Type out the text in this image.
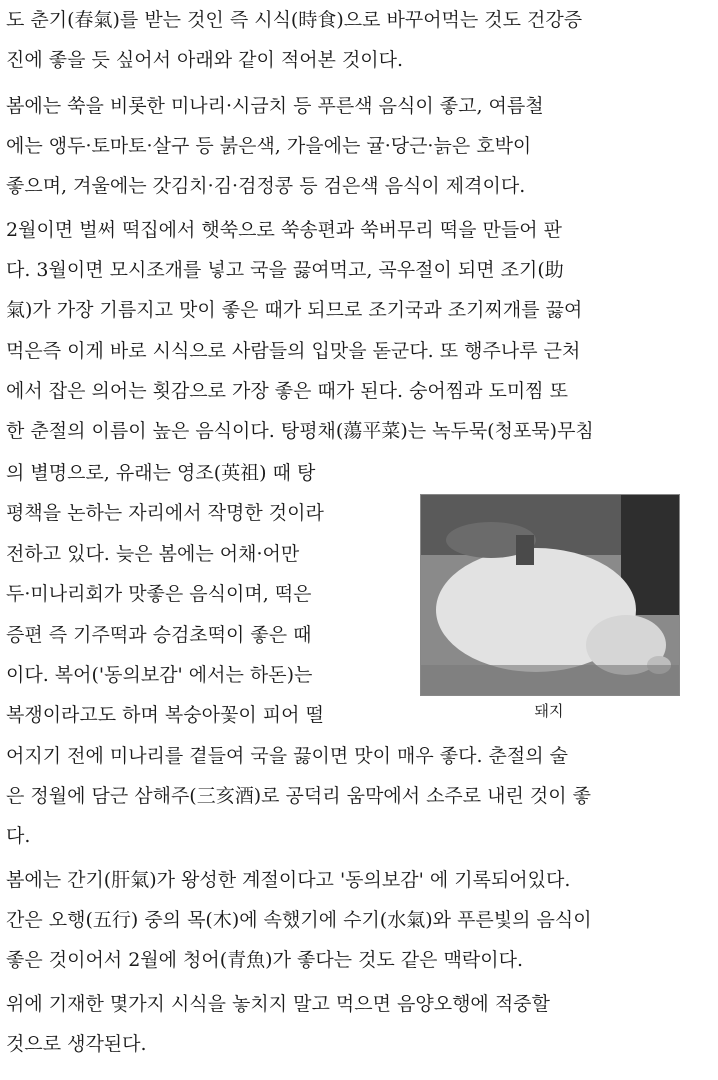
도 춘기(春氣)를 받는 것인 즉 시식(時食)으로 바꾸어먹는 것도 건강증
진에 좋을 듯 싶어서 아래와 같이 적어본 것이다.
봄에는 쑥을 비롯한 미나리·시금치 등 푸른색 음식이 좋고, 여름철
에는 앵두·토마토·살구 등 붉은색, 가을에는 귤·당근·늙은 호박이
좋으며, 겨울에는 갓김치·김·검정콩 등 검은색 음식이 제격이다.
2월이면 벌써 떡집에서 햇쑥으로 쑥송편과 쑥버무리 떡을 만들어 판
다. 3월이면 모시조개를 넣고 국을 끓여먹고, 곡우절이 되면 조기(助
氣)가 가장 기름지고 맛이 좋은 때가 되므로 조기국과 조기찌개를 끓여
먹은즉 이게 바로 시식으로 사람들의 입맛을 돋군다. 또 행주나루 근처
에서 잡은 의어는 횟감으로 가장 좋은 때가 된다. 숭어찜과 도미찜 또
한 춘절의 이름이 높은 음식이다. 탕평채(蕩平菜)는 녹두묵(청포묵)무침
의 별명으로, 유래는 영조(英祖) 때 탕
평책을 논하는 자리에서 작명한 것이라
전하고 있다. 늦은 봄에는 어채·어만
두·미나리회가 맛좋은 음식이며, 떡은
증편 즉 기주떡과 승검초떡이 좋은 때
이다. 복어('동의보감' 에서는 하돈)는
복쟁이라고도 하며 복숭아꽃이 피어 떨	돼지
어지기 전에 미나리를 곁들여 국을 끓이면 맛이 매우 좋다. 춘절의 술
은 정월에 담근 삼해주(三亥酒)로 공덕리 움막에서 소주로 내린 것이 좋
다.
봄에는 간기(肝氣)가 왕성한 계절이다고 '동의보감' 에 기록되어있다.
간은 오행(五行) 중의 목(木)에 속했기에 수기(水氣)와 푸른빛의 음식이
좋은 것이어서 2월에 청어(青魚)가 좋다는 것도 같은 맥락이다.
위에 기재한 몇가지 시식을 놓치지 말고 먹으면 음양오행에 적중할
것으로 생각된다.
